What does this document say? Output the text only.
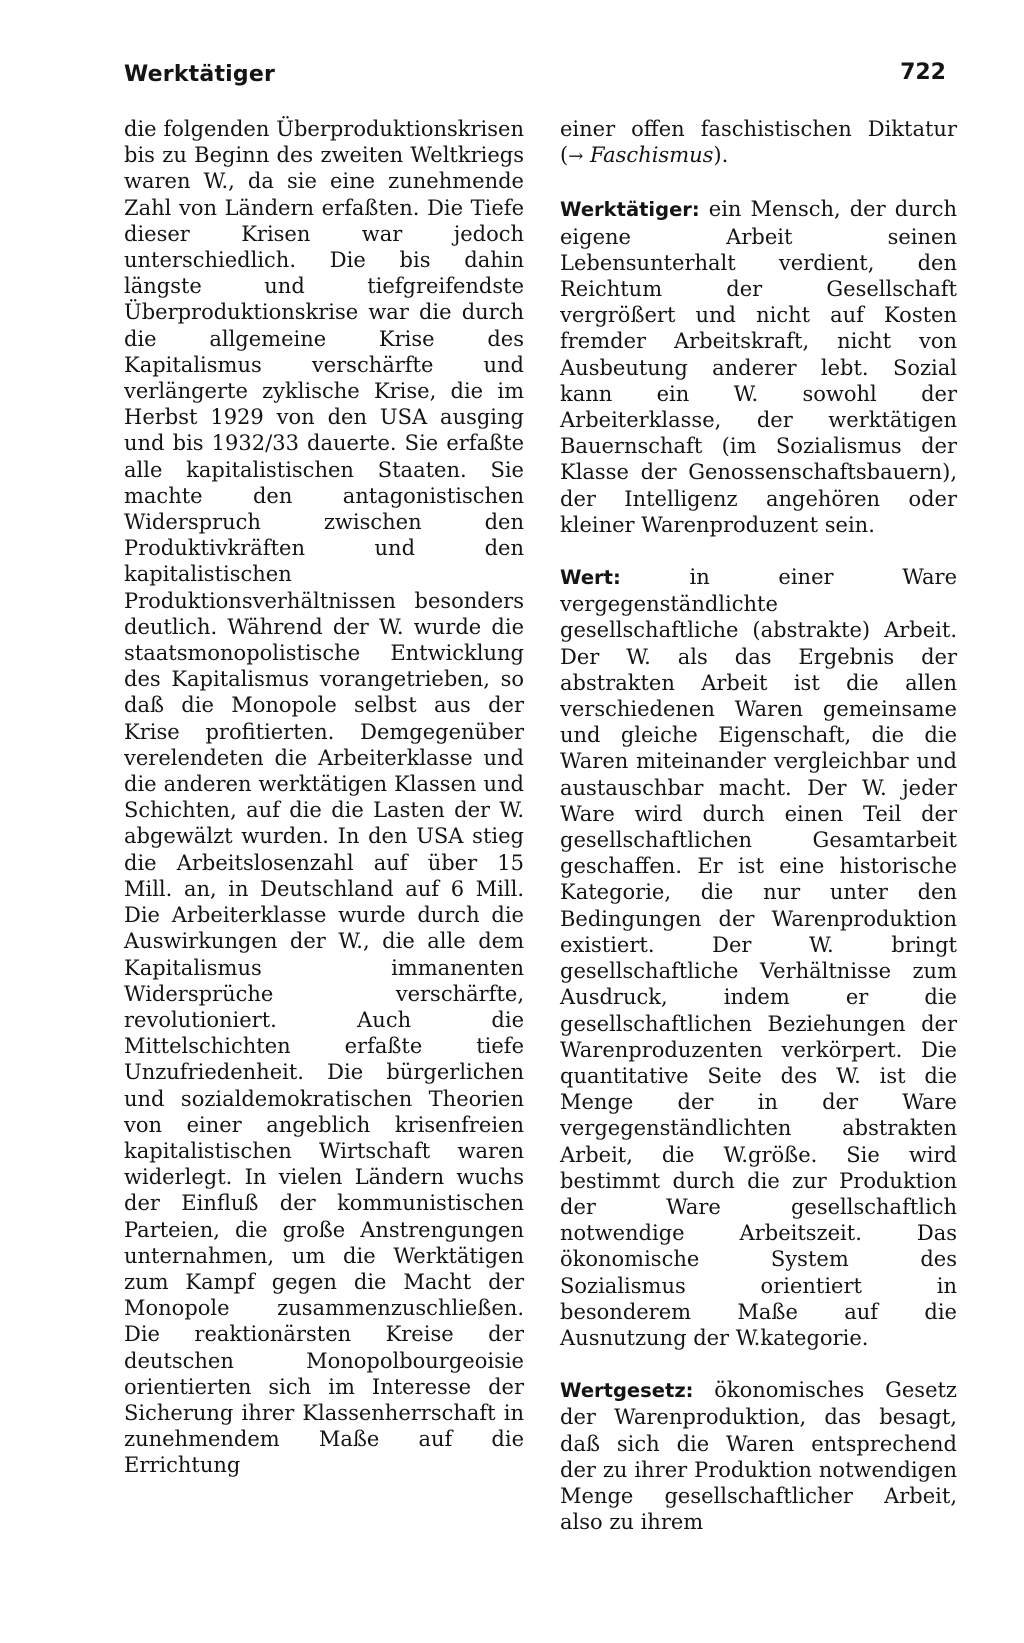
Werktätiger	722

die folgenden Überproduktionskrisen bis zu Beginn des zweiten Weltkriegs waren W., da sie eine zunehmende Zahl von Ländern erfaßten. Die Tiefe dieser Krisen war jedoch unterschiedlich. Die bis dahin längste und tiefgreifendste Überproduktionskrise war die durch die allgemeine Krise des Kapitalismus verschärfte und verlängerte zyklische Krise, die im Herbst 1929 von den USA ausging und bis 1932/33 dauerte. Sie erfaßte alle kapitalistischen Staaten. Sie machte den antagonistischen Widerspruch zwischen den Produktivkräften und den kapitalistischen Produktionsverhältnissen besonders deutlich. Während der W. wurde die staatsmonopolistische Entwicklung des Kapitalismus vorangetrieben, so daß die Monopole selbst aus der Krise profitierten. Demgegenüber verelendeten die Arbeiterklasse und die anderen werktätigen Klassen und Schichten, auf die die Lasten der W. abgewälzt wurden. In den USA stieg die Arbeitslosenzahl auf über 15 Mill. an, in Deutschland auf 6 Mill. Die Arbeiterklasse wurde durch die Auswirkungen der W., die alle dem Kapitalismus immanenten Widersprüche verschärfte, revolutioniert. Auch die Mittelschichten erfaßte tiefe Unzufriedenheit. Die bürgerlichen und sozialdemokratischen Theorien von einer angeblich krisenfreien kapitalistischen Wirtschaft waren widerlegt. In vielen Ländern wuchs der Einfluß der kommunistischen Parteien, die große Anstrengungen unternahmen, um die Werktätigen zum Kampf gegen die Macht der Monopole zusammenzuschließen. Die reaktionärsten Kreise der deutschen Monopolbourgeoisie orientierten sich im Interesse der Sicherung ihrer Klassenherrschaft in zunehmendem Maße auf die Errichtung

einer offen faschistischen Diktatur (→ Faschismus).

Werktätiger: ein Mensch, der durch eigene Arbeit seinen Lebensunterhalt verdient, den Reichtum der Gesellschaft vergrößert und nicht auf Kosten fremder Arbeitskraft, nicht von Ausbeutung anderer lebt. Sozial kann ein W. sowohl der Arbeiterklasse, der werktätigen Bauernschaft (im Sozialismus der Klasse der Genossenschaftsbauern), der Intelligenz angehören oder kleiner Warenproduzent sein.

Wert: in einer Ware vergegenständlichte gesellschaftliche (abstrakte) Arbeit. Der W. als das Ergebnis der abstrakten Arbeit ist die allen verschiedenen Waren gemeinsame und gleiche Eigenschaft, die die Waren miteinander vergleichbar und austauschbar macht. Der W. jeder Ware wird durch einen Teil der gesellschaftlichen Gesamtarbeit geschaffen. Er ist eine historische Kategorie, die nur unter den Bedingungen der Warenproduktion existiert. Der W. bringt gesellschaftliche Verhältnisse zum Ausdruck, indem er die gesellschaftlichen Beziehungen der Warenproduzenten verkörpert. Die quantitative Seite des W. ist die Menge der in der Ware vergegenständlichten abstrakten Arbeit, die W.größe. Sie wird bestimmt durch die zur Produktion der Ware gesellschaftlich notwendige Arbeitszeit. Das ökonomische System des Sozialismus orientiert in besonderem Maße auf die Ausnutzung der W.kategorie.

Wertgesetz: ökonomisches Gesetz der Warenproduktion, das besagt, daß sich die Waren entsprechend der zu ihrer Produktion notwendigen Menge gesellschaftlicher Arbeit, also zu ihrem
